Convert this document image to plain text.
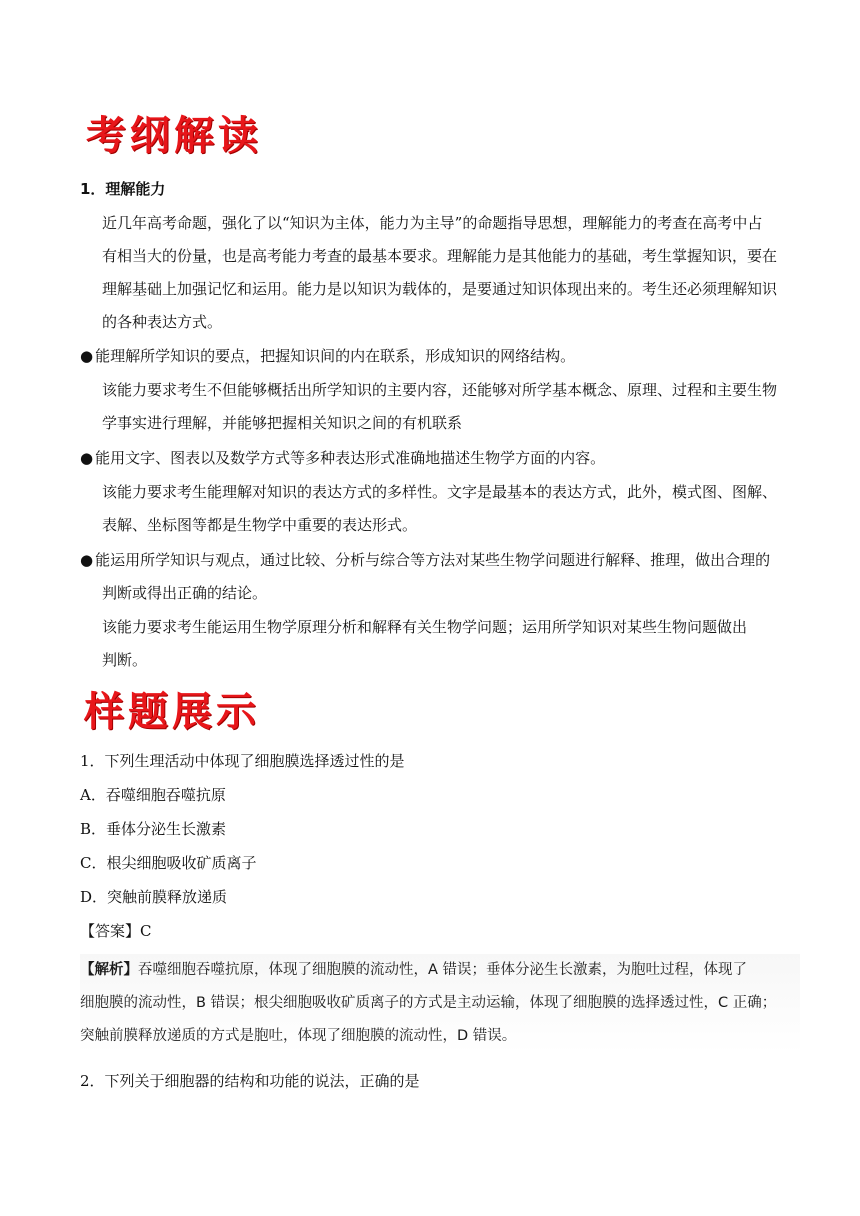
考纲解读
1．理解能力
近几年高考命题，强化了以“知识为主体，能力为主导”的命题指导思想，理解能力的考查在高考中占
有相当大的份量，也是高考能力考查的最基本要求。理解能力是其他能力的基础，考生掌握知识，要在
理解基础上加强记忆和运用。能力是以知识为载体的，是要通过知识体现出来的。考生还必须理解知识
的各种表达方式。
● 能理解所学知识的要点，把握知识间的内在联系，形成知识的网络结构。
该能力要求考生不但能够概括出所学知识的主要内容，还能够对所学基本概念、原理、过程和主要生物
学事实进行理解，并能够把握相关知识之间的有机联系
● 能用文字、图表以及数学方式等多种表达形式准确地描述生物学方面的内容。
该能力要求考生能理解对知识的表达方式的多样性。文字是最基本的表达方式，此外，模式图、图解、
表解、坐标图等都是生物学中重要的表达形式。
● 能运用所学知识与观点，通过比较、分析与综合等方法对某些生物学问题进行解释、推理，做出合理的
判断或得出正确的结论。
该能力要求考生能运用生物学原理分析和解释有关生物学问题；运用所学知识对某些生物问题做出
判断。
样题展示
1．下列生理活动中体现了细胞膜选择透过性的是
A．吞噬细胞吞噬抗原
B．垂体分泌生长激素
C．根尖细胞吸收矿质离子
D．突触前膜释放递质
【答案】C
【解析】吞噬细胞吞噬抗原，体现了细胞膜的流动性，A 错误；垂体分泌生长激素，为胞吐过程，体现了
细胞膜的流动性，B 错误；根尖细胞吸收矿质离子的方式是主动运输，体现了细胞膜的选择透过性，C 正确；
突触前膜释放递质的方式是胞吐，体现了细胞膜的流动性，D 错误。
2．下列关于细胞器的结构和功能的说法，正确的是
